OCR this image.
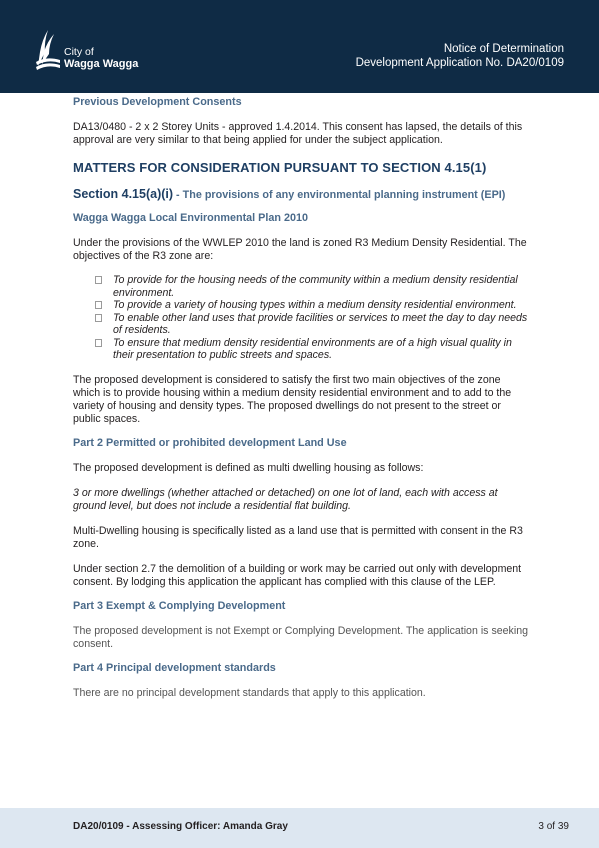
City of
Wagga Wagga
Notice of Determination
Development Application No. DA20/0109

Previous Development Consents

DA13/0480 - 2 x 2 Storey Units - approved 1.4.2014. This consent has lapsed, the details of this approval are very similar to that being applied for under the subject application.

MATTERS FOR CONSIDERATION PURSUANT TO SECTION 4.15(1)

Section 4.15(a)(i) - The provisions of any environmental planning instrument (EPI)

Wagga Wagga Local Environmental Plan 2010

Under the provisions of the WWLEP 2010 the land is zoned R3 Medium Density Residential. The objectives of the R3 zone are:

To provide for the housing needs of the community within a medium density residential environment.
To provide a variety of housing types within a medium density residential environment.
To enable other land uses that provide facilities or services to meet the day to day needs of residents.
To ensure that medium density residential environments are of a high visual quality in their presentation to public streets and spaces.

The proposed development is considered to satisfy the first two main objectives of the zone which is to provide housing within a medium density residential environment and to add to the variety of housing and density types. The proposed dwellings do not present to the street or public spaces.

Part 2 Permitted or prohibited development Land Use

The proposed development is defined as multi dwelling housing as follows:

3 or more dwellings (whether attached or detached) on one lot of land, each with access at ground level, but does not include a residential flat building.

Multi-Dwelling housing is specifically listed as a land use that is permitted with consent in the R3 zone.

Under section 2.7 the demolition of a building or work may be carried out only with development consent. By lodging this application the applicant has complied with this clause of the LEP.

Part 3 Exempt & Complying Development

The proposed development is not Exempt or Complying Development. The application is seeking consent.

Part 4 Principal development standards

There are no principal development standards that apply to this application.

DA20/0109 - Assessing Officer: Amanda Gray	3 of 39
